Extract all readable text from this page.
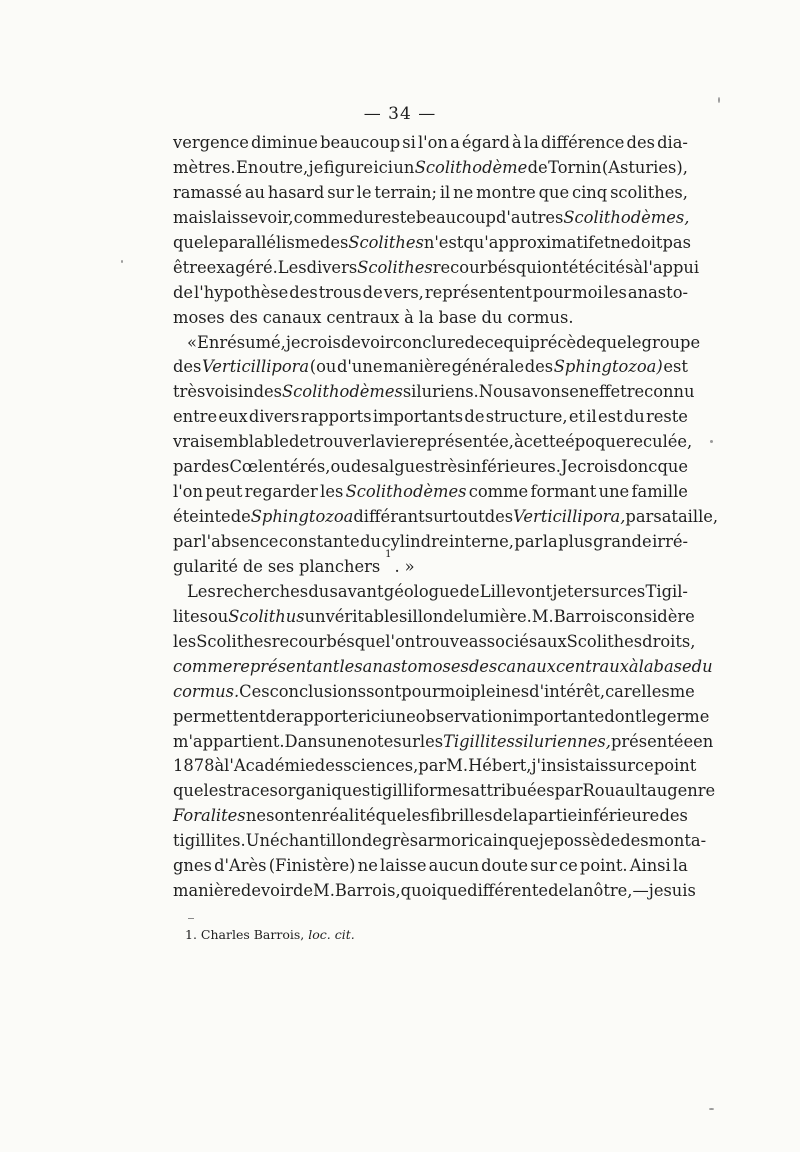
— 34 —
vergence diminue beaucoup si l'on a égard à la différence des dia-
mètres. En outre, je figure ici un Scolithodème de Tornin (Asturies),
ramassé au hasard sur le terrain; il ne montre que cinq scolithes,
mais laisse voir, comme du reste beaucoup d'autres Scolithodèmes,
que le parallélisme des Scolithes n'est qu'approximatif et ne doit pas
être exagéré. Les divers Scolithes recourbés qui ont été cités à l'appui
de l'hypothèse des trous de vers, représentent pour moi les anasto-
moses des canaux centraux à la base du cormus.
« En résumé, je crois devoir conclure de ce qui précède que le groupe
des Verticillipora (ou d'une manière générale des Sphingtozoa) est
très voisin des Scolithodèmes siluriens. Nous avons en effet reconnu
entre eux divers rapports importants de structure, et il est du reste
vraisemblable de trouver la vie représentée, à cette époque reculée,
par des Cœlentérés, ou des algues très inférieures. Je crois donc que
l'on peut regarder les Scolithodèmes comme formant une famille
éteinte de Sphingtozoa différant surtout des Verticillipora, par sa taille,
par l'absence constante du cylindre interne, par la plus grande irré-
gularité de ses planchers
1
. »
Les recherches du savant géologue de Lille vont jeter sur ces Tigil-
lites ou Scolithus un véritable sillon de lumière. M. Barrois considère
les Scolithes recourbés que l'on trouve associés aux Scolithes droits,
comme représentant les anastomoses des canaux centraux à la base du
cormus. Ces conclusions sont pour moi pleines d'intérêt, car elles me
permettent de rapporter ici une observation importante dont le germe
m'appartient. Dans une note sur les Tigillites siluriennes, présentée en
1878 à l'Académie des sciences, par M. Hébert, j'insistais sur ce point
que les traces organiques tigilliformes attribuées par Rouault au genre
Foralites ne sont en réalité que les fibrilles de la partie inférieure des
tigillites. Un échantillon de grès armoricain que je possède des monta-
gnes d'Arès (Finistère) ne laisse aucun doute sur ce point. Ainsi la
manière de voir de M. Barrois, quoique différente de la nôtre, — je suis
1. Charles Barrois, loc. cit.
